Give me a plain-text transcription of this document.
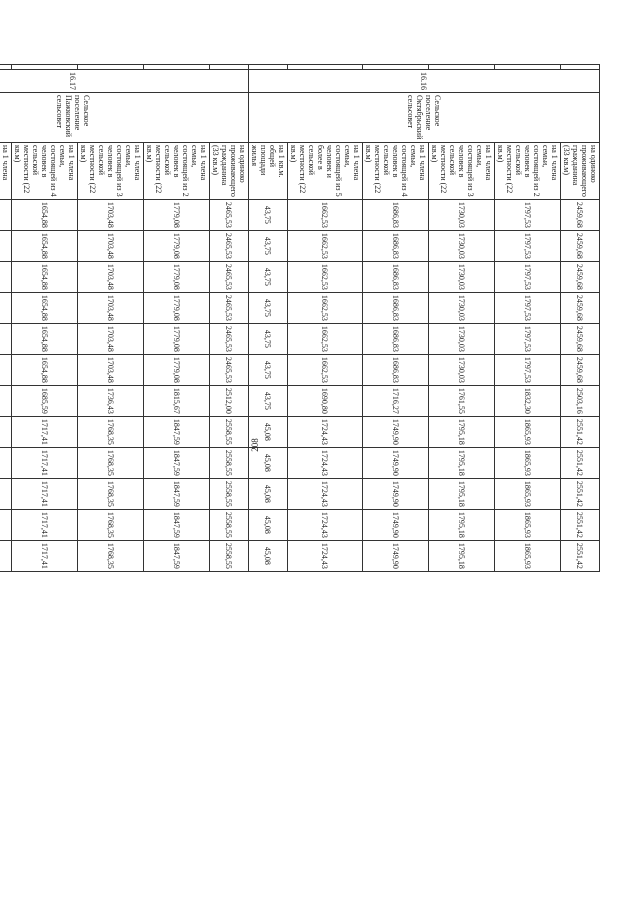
208
	16.16	Сельское поселение Октябрьский сельсовет	на одиноко проживающего гражданина (33 кв.м)	2459,68	2459,68	2459,68	2459,68	2459,68	2459,68	2503,16	2551,42	2551,42	2551,42	2551,42	2551,42
			на 1 члена семьи, состоящей из 2 человек в сельской местности (22 кв.м)	1797,53	1797,53	1797,53	1797,53	1797,53	1797,53	1832,30	1865,93	1865,93	1865,93	1865,93	1865,93
			на 1 члена семьи, состоящей из 3 человек в сельской местности (22 кв.м)	1730,03	1730,03	1730,03	1730,03	1730,03	1730,03	1761,55	1795,18	1795,18	1795,18	1795,18	1795,18
			на 1 члена семьи, состоящей из 4 человек в сельской местности (22 кв.м)	1686,83	1686,83	1686,83	1686,83	1686,83	1686,83	1716,27	1749,90	1749,90	1749,90	1749,90	1749,90
			на 1 члена семьи, состоящей из 5 человек и более в сельской местности (22 кв.м)	1662,53	1662,53	1662,53	1662,53	1662,53	1662,53	1690,80	1724,43	1724,43	1724,43	1724,43	1724,43
			на 1 кв.м. общей площади жилья	43,75	43,75	43,75	43,75	43,75	43,75	43,75	45,08	45,08	45,08	45,08	45,08
	16.17	Сельское поселение Пажковский сельсовет	на одиноко проживающего гражданина (33 кв.м)	2465,53	2465,53	2465,53	2465,53	2465,53	2465,53	2512,00	2558,55	2558,55	2558,55	2558,55	2558,55
			на 1 члена семьи, состоящей из 2 человек в сельской местности (22 кв.м)	1779,08	1779,08	1779,08	1779,08	1779,08	1779,08	1815,67	1847,59	1847,59	1847,59	1847,59	1847,59
			на 1 члена семьи, состоящей из 3 человек в сельской местности (22 кв.м)	1703,48	1703,48	1703,48	1703,48	1703,48	1703,48	1736,43	1768,35	1768,35	1768,35	1768,35	1768,35
			на 1 члена семьи, состоящей из 4 человек в сельской местности (22 кв.м)	1654,88	1654,88	1654,88	1654,88	1654,88	1654,88	1685,59	1717,41	1717,41	1717,41	1717,41	1717,41
			на 1 члена												
